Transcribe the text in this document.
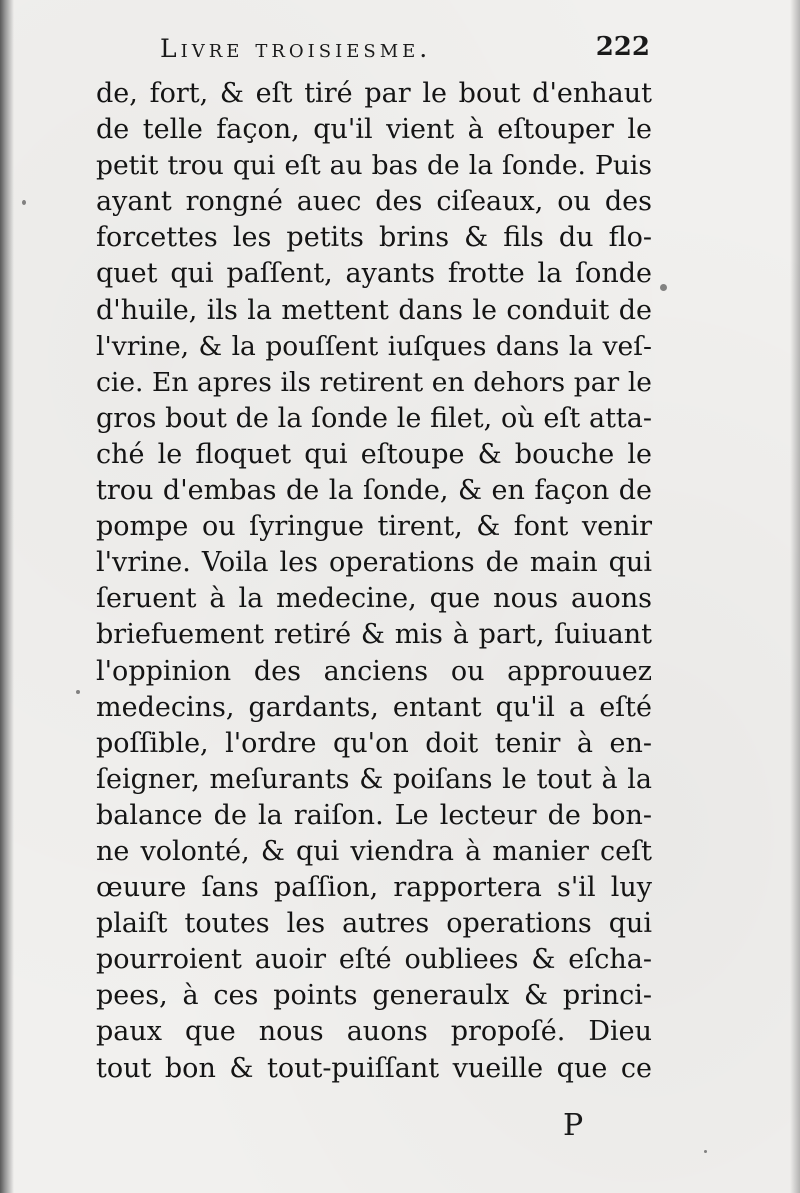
Livre troisiesme.	222
de, fort, & eſt tiré par le bout d'enhaut
de telle façon, qu'il vient à eſtouper le
petit trou qui eſt au bas de la ſonde. Puis
ayant rongné auec des ciſeaux, ou des
forcettes les petits brins & fils du flo-
quet qui paſſent, ayants frotte la ſonde
d'huile, ils la mettent dans le conduit de
l'vrine, & la pouſſent iuſques dans la veſ-
cie. En apres ils retirent en dehors par le
gros bout de la ſonde le filet, où eſt atta-
ché le floquet qui eſtoupe & bouche le
trou d'embas de la ſonde, & en façon de
pompe ou ſyringue tirent, & font venir
l'vrine. Voila les operations de main qui
ſeruent à la medecine, que nous auons
briefuement retiré & mis à part, ſuiuant
l'oppinion des anciens ou approuuez
medecins, gardants, entant qu'il a eſté
poſſible, l'ordre qu'on doit tenir à en-
ſeigner, meſurants & poiſans le tout à la
balance de la raiſon. Le lecteur de bon-
ne volonté, & qui viendra à manier ceſt
œuure ſans paſſion, rapportera s'il luy
plaiſt toutes les autres operations qui
pourroient auoir eſté oubliees & eſcha-
pees, à ces points generaulx & princi-
paux que nous auons propoſé. Dieu
tout bon & tout-puiſſant vueille que ce
P
